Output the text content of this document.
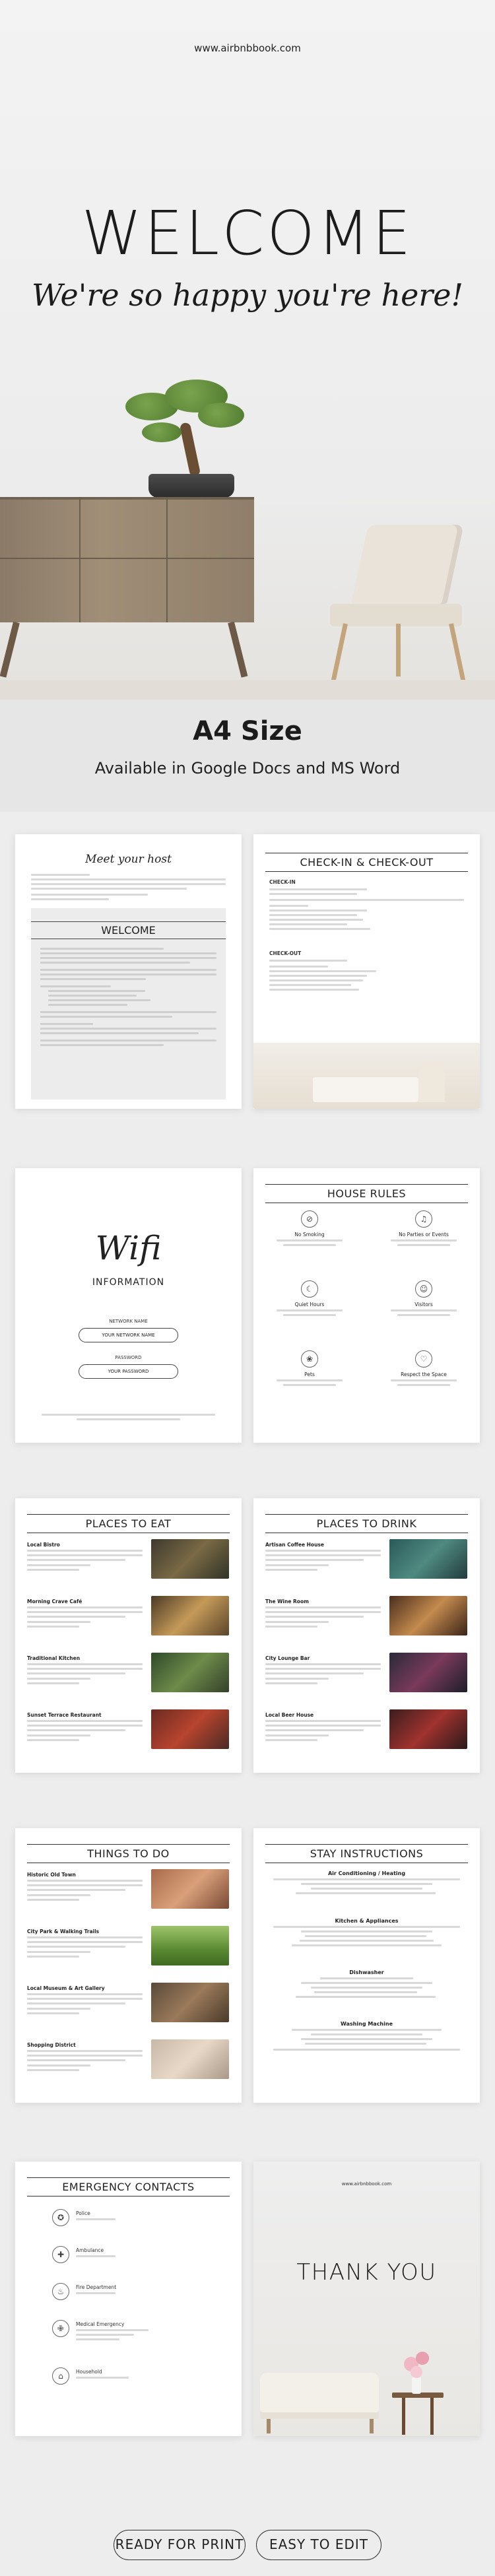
www.airbnbbook.com
WELCOME
We're so happy you're here!
A4 Size
Available in Google Docs and MS Word
Meet your host
WELCOME
CHECK-IN & CHECK-OUT
CHECK-IN
CHECK-OUT
Wifi
INFORMATION
NETWORK NAME
YOUR NETWORK NAME
PASSWORD
YOUR PASSWORD
HOUSE RULES
⊘
No Smoking
♫
No Parties or Events
☾
Quiet Hours
☺
Visitors
❀
Pets
♡
Respect the Space
PLACES TO EAT
Local Bistro
Morning Crave Café
Traditional Kitchen
Sunset Terrace Restaurant
PLACES TO DRINK
Artisan Coffee House
The Wine Room
City Lounge Bar
Local Beer House
THINGS TO DO
Historic Old Town
City Park & Walking Trails
Local Museum & Art Gallery
Shopping District
STAY INSTRUCTIONS
Air Conditioning / Heating
Kitchen & Appliances
Dishwasher
Washing Machine
EMERGENCY CONTACTS
✪	Police
✚	Ambulance
♨	Fire Department
✙	Medical Emergency
⌂	Household
www.airbnbbook.com
THANK YOU
READY FOR PRINT	EASY TO EDIT
